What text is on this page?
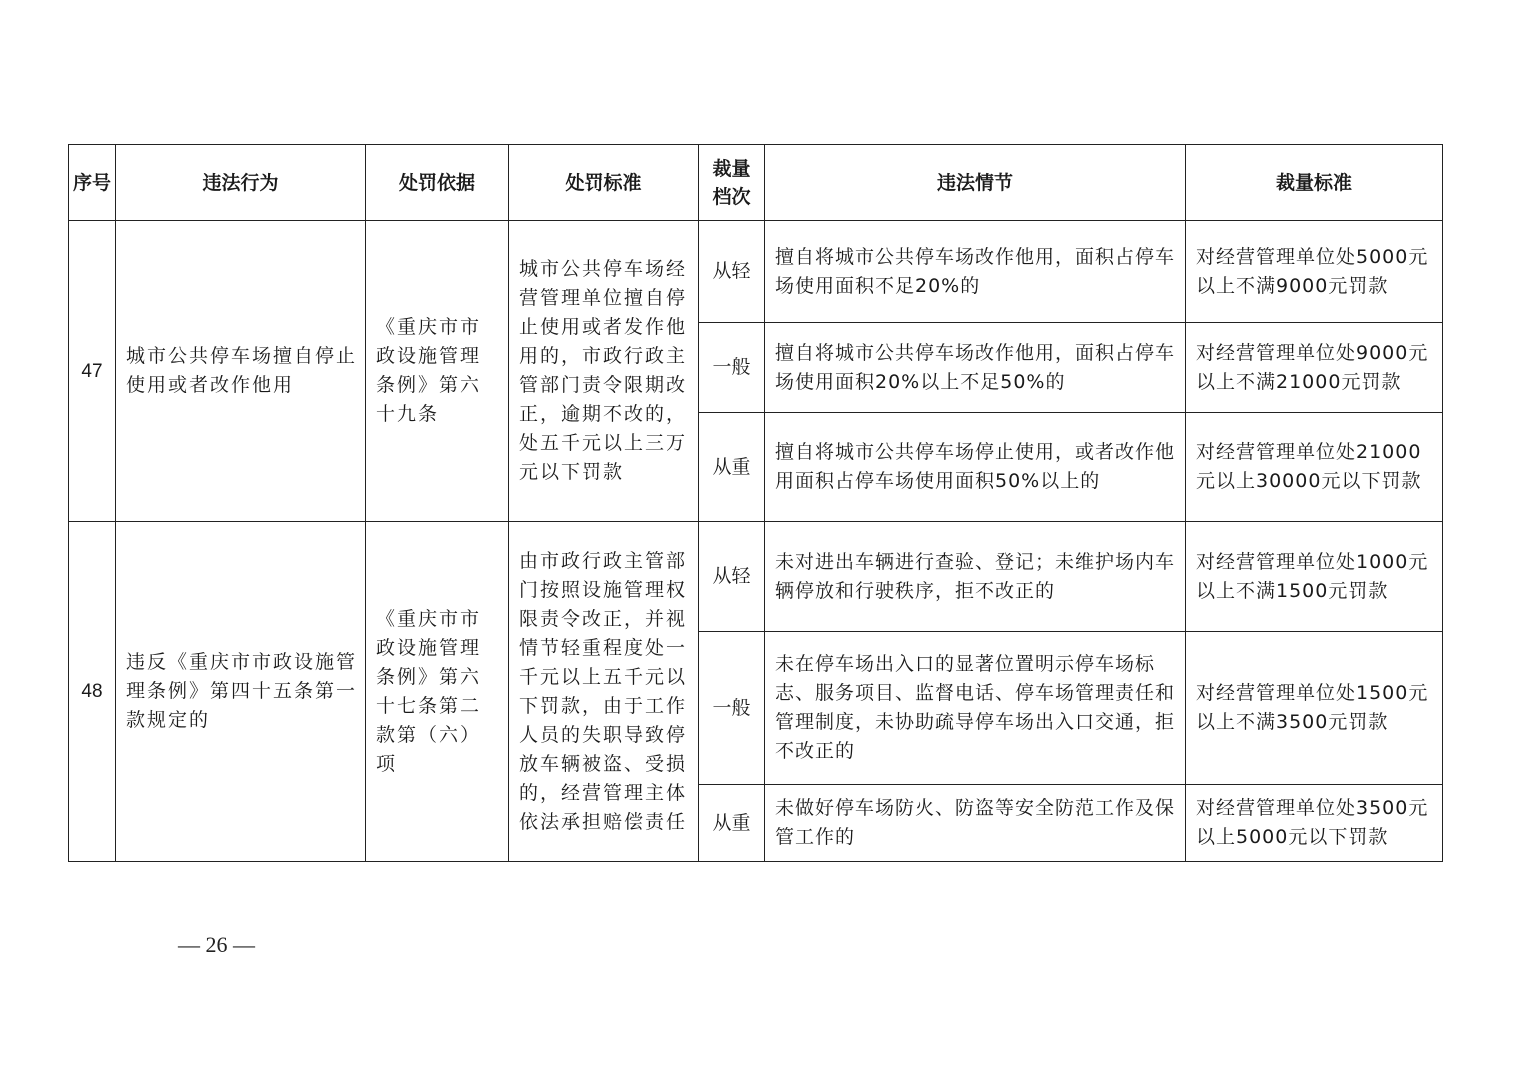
序号	违法行为	处罚依据	处罚标准	裁量档次	违法情节	裁量标准
47	城市公共停车场擅自停止使用或者改作他用	《重庆市市政设施管理条例》第六十九条	城市公共停车场经营管理单位擅自停止使用或者发作他用的，市政行政主管部门责令限期改正，逾期不改的，处五千元以上三万元以下罚款	从轻	擅自将城市公共停车场改作他用，面积占停车场使用面积不足20%的	对经营管理单位处5000元以上不满9000元罚款
				一般	擅自将城市公共停车场改作他用，面积占停车场使用面积20%以上不足50%的	对经营管理单位处9000元以上不满21000元罚款
				从重	擅自将城市公共停车场停止使用，或者改作他用面积占停车场使用面积50%以上的	对经营管理单位处21000元以上30000元以下罚款
48	违反《重庆市市政设施管理条例》第四十五条第一款规定的	《重庆市市政设施管理条例》第六十七条第二款第（六）项	由市政行政主管部门按照设施管理权限责令改正，并视情节轻重程度处一千元以上五千元以下罚款，由于工作人员的失职导致停放车辆被盗、受损的，经营管理主体依法承担赔偿责任	从轻	未对进出车辆进行查验、登记；未维护场内车辆停放和行驶秩序，拒不改正的	对经营管理单位处1000元以上不满1500元罚款
				一般	未在停车场出入口的显著位置明示停车场标志、服务项目、监督电话、停车场管理责任和管理制度，未协助疏导停车场出入口交通，拒不改正的	对经营管理单位处1500元以上不满3500元罚款
				从重	未做好停车场防火、防盗等安全防范工作及保管工作的	对经营管理单位处3500元以上5000元以下罚款
— 26 —
